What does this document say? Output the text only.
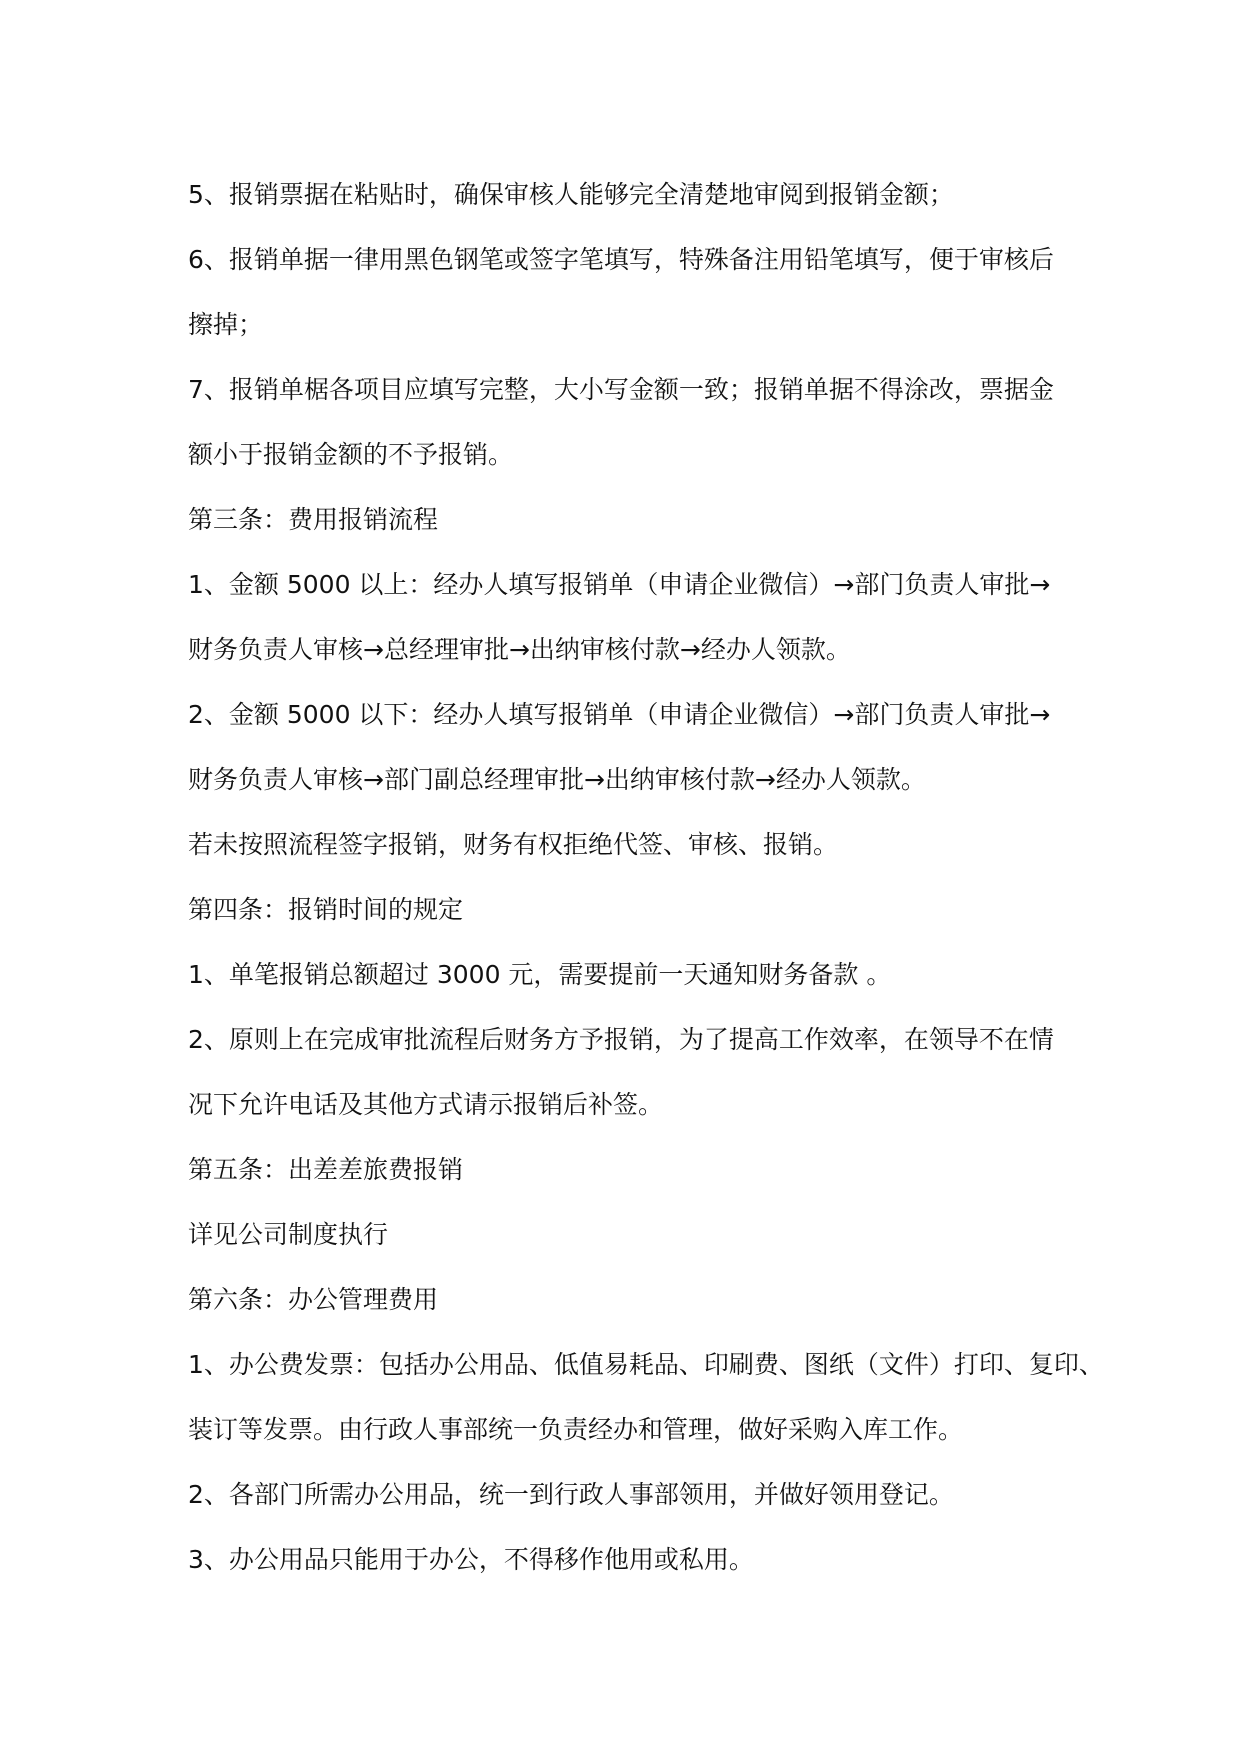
5、报销票据在粘贴时，确保审核人能够完全清楚地审阅到报销金额；
6、报销单据一律用黑色钢笔或签字笔填写，特殊备注用铅笔填写，便于审核后
擦掉；
7、报销单椐各项目应填写完整，大小写金额一致；报销单据不得涂改，票据金
额小于报销金额的不予报销。
第三条：费用报销流程
1、金额 5000 以上：经办人填写报销单（申请企业微信）→部门负责人审批→
财务负责人审核→总经理审批→出纳审核付款→经办人领款。
2、金额 5000 以下：经办人填写报销单（申请企业微信）→部门负责人审批→
财务负责人审核→部门副总经理审批→出纳审核付款→经办人领款。
若未按照流程签字报销，财务有权拒绝代签、审核、报销。
第四条：报销时间的规定
1、单笔报销总额超过 3000 元，需要提前一天通知财务备款 。
2、原则上在完成审批流程后财务方予报销，为了提高工作效率，在领导不在情
况下允许电话及其他方式请示报销后补签。
第五条：出差差旅费报销
详见公司制度执行
第六条：办公管理费用
1、办公费发票：包括办公用品、低值易耗品、印刷费、图纸（文件）打印、复印、
装订等发票。由行政人事部统一负责经办和管理，做好采购入库工作。
2、各部门所需办公用品，统一到行政人事部领用，并做好领用登记。
3、办公用品只能用于办公，不得移作他用或私用。
